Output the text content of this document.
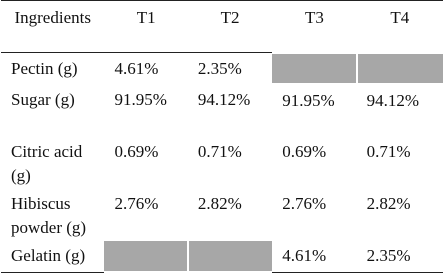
Ingredients	T1	T2	T3	T4
Pectin (g)	4.61%	2.35%		
Sugar (g)	91.95%	94.12%	91.95%	94.12%
Citric acid (g)	0.69%	0.71%	0.69%	0.71%
Hibiscus powder (g)	2.76%	2.82%	2.76%	2.82%
Gelatin (g)			4.61%	2.35%
